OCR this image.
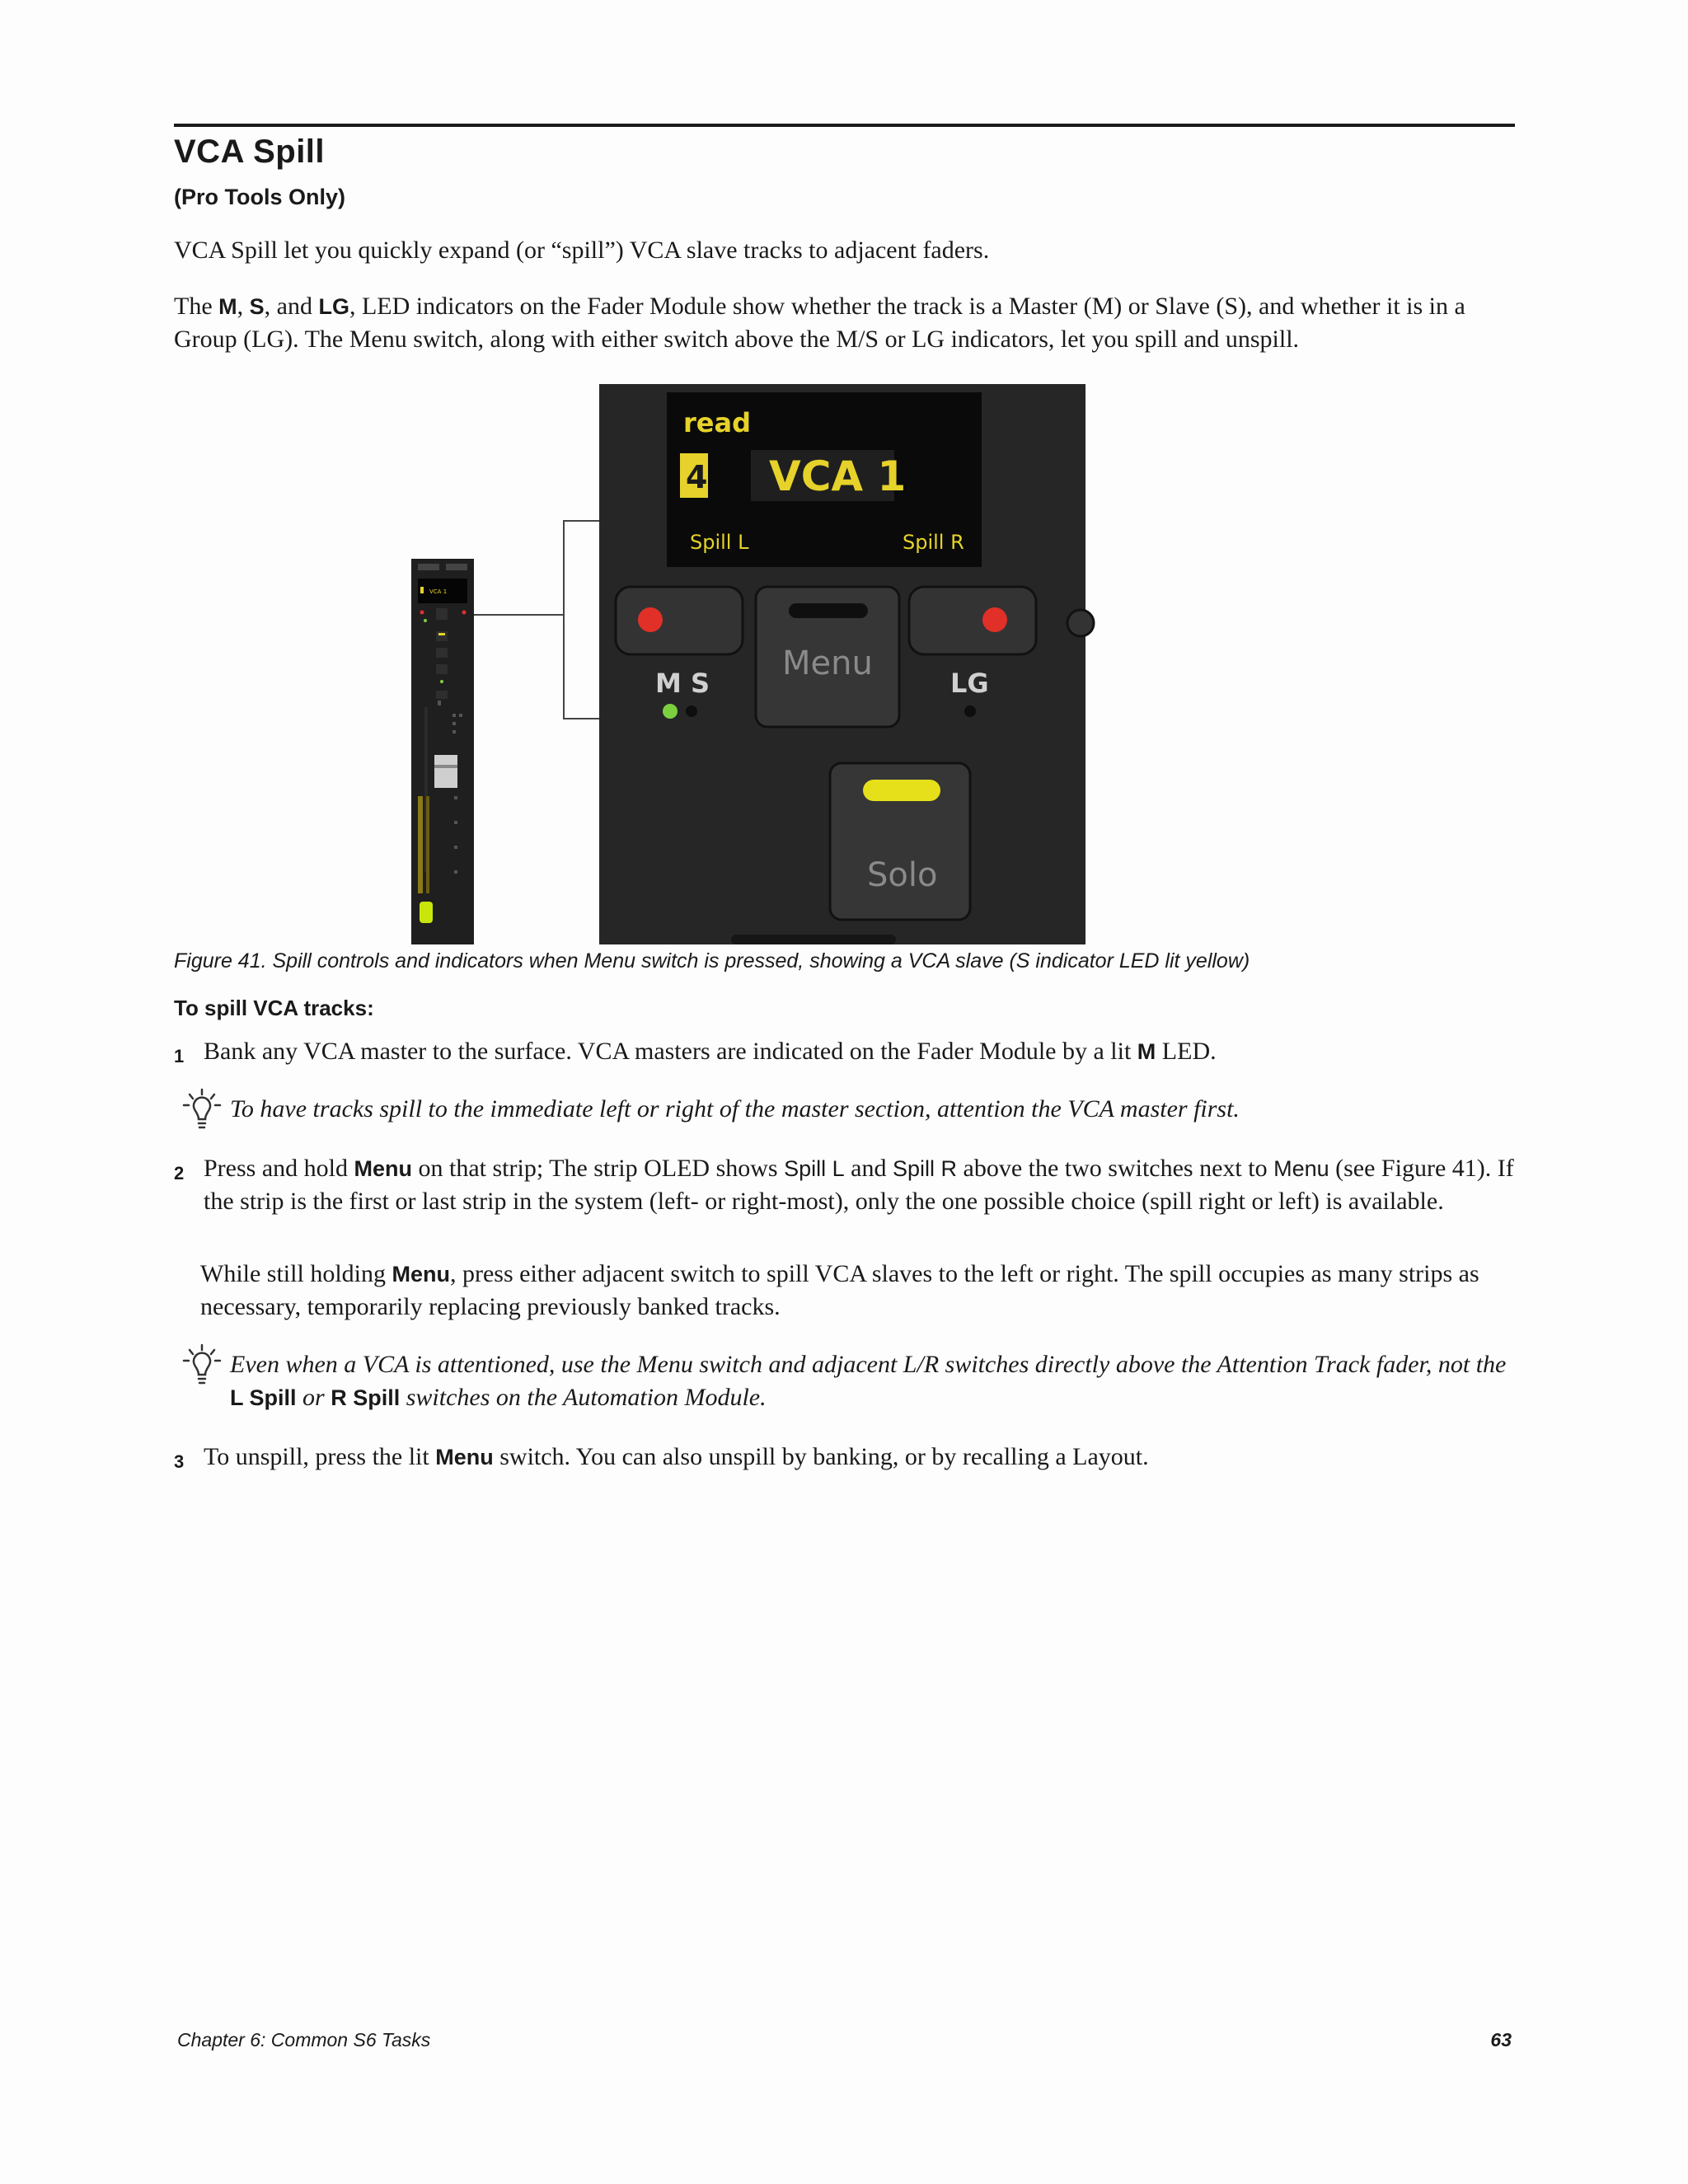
VCA Spill
(Pro Tools Only)
VCA Spill let you quickly expand (or “spill”) VCA slave tracks to adjacent faders.
The M, S, and LG, LED indicators on the Fader Module show whether the track is a Master (M) or Slave (S), and whether it is in a Group (LG). The Menu switch, along with either switch above the M/S or LG indicators, let you spill and unspill.
VCA 1
read
4 VCA 1
Spill L	Spill R
Menu
M S	LG
Solo
Figure 41. Spill controls and indicators when Menu switch is pressed, showing a VCA slave (S indicator LED lit yellow)
To spill VCA tracks:
1 Bank any VCA master to the surface. VCA masters are indicated on the Fader Module by a lit M LED.
To have tracks spill to the immediate left or right of the master section, attention the VCA master first.
2 Press and hold Menu on that strip; The strip OLED shows Spill L and Spill R above the two switches next to Menu (see Figure 41). If the strip is the first or last strip in the system (left- or right-most), only the one possible choice (spill right or left) is available.
While still holding Menu, press either adjacent switch to spill VCA slaves to the left or right. The spill occupies as many strips as necessary, temporarily replacing previously banked tracks.
Even when a VCA is attentioned, use the Menu switch and adjacent L/R switches directly above the Attention Track fader, not the L Spill or R Spill switches on the Automation Module.
3 To unspill, press the lit Menu switch. You can also unspill by banking, or by recalling a Layout.
Chapter 6: Common S6 Tasks	63
